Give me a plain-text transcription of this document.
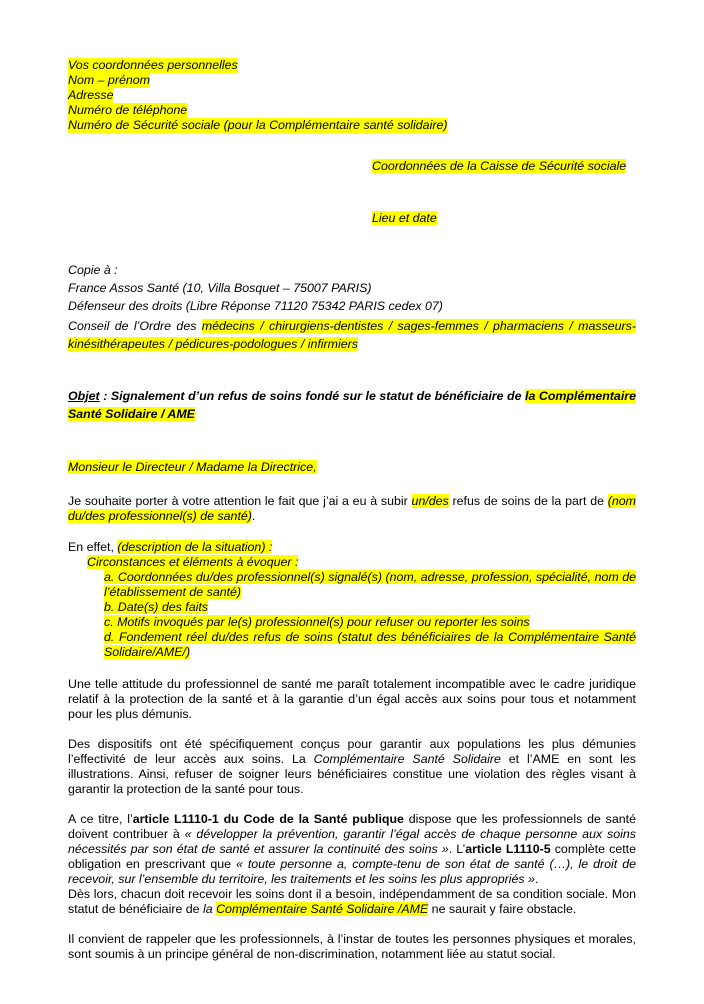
Vos coordonnées personnelles
Nom – prénom
Adresse
Numéro de téléphone
Numéro de Sécurité sociale (pour la Complémentaire santé solidaire)
Coordonnées de la Caisse de Sécurité sociale
Lieu et date

Copie à :

France Assos Santé (10, Villa Bosquet – 75007 PARIS)

Défenseur des droits (Libre Réponse 71120 75342 PARIS cedex 07)

Conseil de l’Ordre des médecins / chirurgiens-dentistes / sages-femmes / pharmaciens / masseurs-kinésithérapeutes / pédicures-podologues / infirmiers

Objet : Signalement d’un refus de soins fondé sur le statut de bénéficiaire de la Complémentaire Santé Solidaire / AME

Monsieur le Directeur / Madame la Directrice,

Je souhaite porter à votre attention le fait que j’ai a eu à subir un/des refus de soins de la part de (nom du/des professionnel(s) de santé).

En effet, (description de la situation) :

Circonstances et éléments à évoquer :

a. Coordonnées du/des professionnel(s) signalé(s) (nom, adresse, profession, spécialité, nom de l’établissement de santé)

b. Date(s) des faits

c. Motifs invoqués par le(s) professionnel(s) pour refuser ou reporter les soins

d. Fondement réel du/des refus de soins (statut des bénéficiaires de la Complémentaire Santé Solidaire/AME/)

Une telle attitude du professionnel de santé me paraît totalement incompatible avec le cadre juridique relatif à la protection de la santé et à la garantie d’un égal accès aux soins pour tous et notamment pour les plus démunis.

Des dispositifs ont été spécifiquement conçus pour garantir aux populations les plus démunies l’effectivité de leur accès aux soins. La Complémentaire Santé Solidaire et l’AME en sont les illustrations. Ainsi, refuser de soigner leurs bénéficiaires constitue une violation des règles visant à garantir la protection de la santé pour tous.

A ce titre, l’article L1110-1 du Code de la Santé publique dispose que les professionnels de santé doivent contribuer à « développer la prévention, garantir l’égal accès de chaque personne aux soins nécessités par son état de santé et assurer la continuité des soins ». L’article L1110-5 complète cette obligation en prescrivant que « toute personne a, compte-tenu de son état de santé (…), le droit de recevoir, sur l’ensemble du territoire, les traitements et les soins les plus appropriés ».

Dès lors, chacun doit recevoir les soins dont il a besoin, indépendamment de sa condition sociale. Mon statut de bénéficiaire de la Complémentaire Santé Solidaire /AME ne saurait y faire obstacle.

Il convient de rappeler que les professionnels, à l’instar de toutes les personnes physiques et morales, sont soumis à un principe général de non-discrimination, notamment liée au statut social.
